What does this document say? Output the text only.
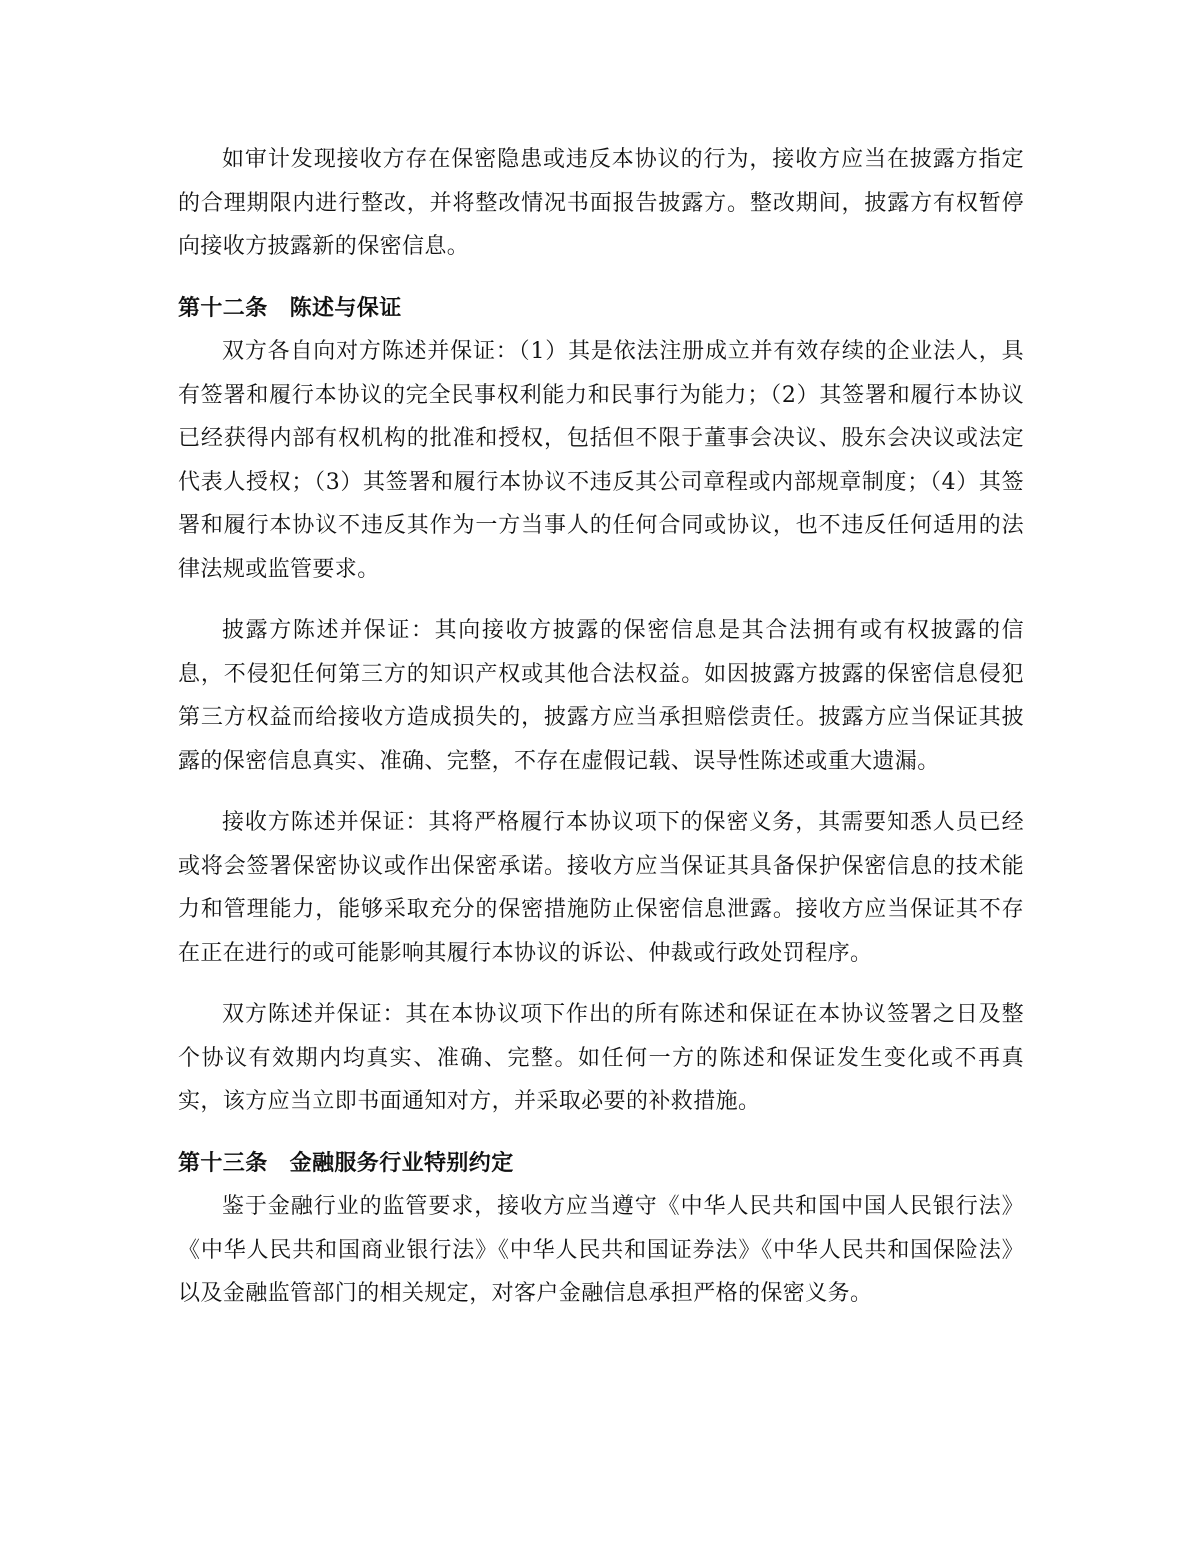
如审计发现接收方存在保密隐患或违反本协议的行为，接收方应当在披露方指定的合理期限内进行整改，并将整改情况书面报告披露方。整改期间，披露方有权暂停向接收方披露新的保密信息。

第十二条 陈述与保证

双方各自向对方陈述并保证：（1）其是依法注册成立并有效存续的企业法人，具有签署和履行本协议的完全民事权利能力和民事行为能力；（2）其签署和履行本协议已经获得内部有权机构的批准和授权，包括但不限于董事会决议、股东会决议或法定代表人授权；（3）其签署和履行本协议不违反其公司章程或内部规章制度；（4）其签署和履行本协议不违反其作为一方当事人的任何合同或协议，也不违反任何适用的法律法规或监管要求。

披露方陈述并保证：其向接收方披露的保密信息是其合法拥有或有权披露的信息，不侵犯任何第三方的知识产权或其他合法权益。如因披露方披露的保密信息侵犯第三方权益而给接收方造成损失的，披露方应当承担赔偿责任。披露方应当保证其披露的保密信息真实、准确、完整，不存在虚假记载、误导性陈述或重大遗漏。

接收方陈述并保证：其将严格履行本协议项下的保密义务，其需要知悉人员已经或将会签署保密协议或作出保密承诺。接收方应当保证其具备保护保密信息的技术能力和管理能力，能够采取充分的保密措施防止保密信息泄露。接收方应当保证其不存在正在进行的或可能影响其履行本协议的诉讼、仲裁或行政处罚程序。

双方陈述并保证：其在本协议项下作出的所有陈述和保证在本协议签署之日及整个协议有效期内均真实、准确、完整。如任何一方的陈述和保证发生变化或不再真实，该方应当立即书面通知对方，并采取必要的补救措施。

第十三条 金融服务行业特别约定

鉴于金融行业的监管要求，接收方应当遵守《中华人民共和国中国人民银行法》《中华人民共和国商业银行法》《中华人民共和国证券法》《中华人民共和国保险法》以及金融监管部门的相关规定，对客户金融信息承担严格的保密义务。
